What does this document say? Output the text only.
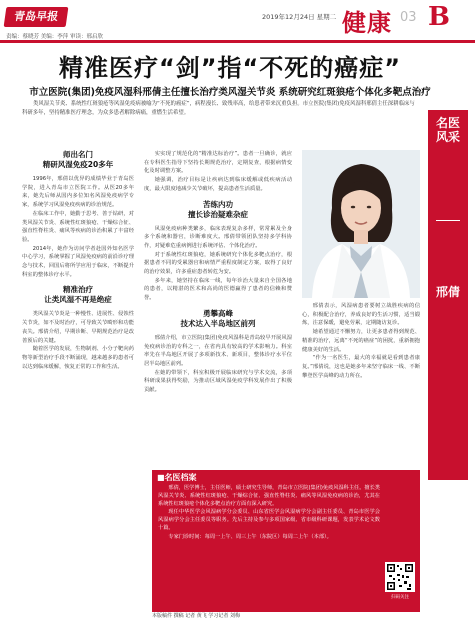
青岛早报	2019年12月24日 星期二 健康 03 B
责编：蔡晓芳 美编：李萍 审读：邢启欣
精准医疗“剑”指“不死的癌症”
市立医院(集团)免疫风湿科邢倩主任擅长治疗类风湿关节炎 系统研究红斑狼疮个体化多靶点治疗
类风湿关节炎、系统性红斑狼疮等风湿免疫病被喻为“不死的癌症”，病程漫长、致残率高，给患者带来沉重负担。市立医院(集团)免疫风湿科邢倩主任深耕临床与科研多年，坚持精准医疗理念，为众多患者解除病痛，重燃生活希望。
师出名门
精研风湿免疫20多年

1996年，邢倩以优异的成绩毕业于青岛医学院，进入青岛市立医院工作。从医20多年来，她先后师从国内多位知名风湿免疫病学专家，系统学习风湿免疫疾病的诊治规范。

在临床工作中，她勤于思考、善于钻研，对类风湿关节炎、系统性红斑狼疮、干燥综合征、强直性脊柱炎、痛风等疾病的诊治积累了丰富经验。

2014年，她作为访问学者赴国外知名医学中心学习，系统掌握了风湿免疫病的前沿诊疗理念与技术，回国后将所学应用于临床，不断提升科室的整体诊疗水平。

精准治疗
让类风湿不再是绝症

类风湿关节炎是一种慢性、进展性、侵蚀性关节炎，如不及时治疗，可导致关节畸形和功能丧失。邢倩介绍，早期诊断、早期规范治疗是改善预后的关键。

随着医学的发展，生物制剂、小分子靶向药物等新型治疗手段不断涌现，越来越多的患者可以达到临床缓解，恢复正常的工作和生活。

实实现了规范化的“精准达标治疗”。患者一旦确诊，就应在专科医生指导下坚持长期规范治疗，定期复查，根据病情变化及时调整方案。

她强调，治疗目标是让疾病达到临床缓解或低疾病活动度，最大限度地减少关节破坏，提高患者生活质量。

苦练内功
擅长诊治疑难杂症

风湿免疫病种类繁多，临床表现复杂多样，常常累及全身多个系统和器官，诊断难度大。邢倩带领团队坚持多学科协作，对疑难危重病例进行系统评估、个体化治疗。

对于系统性红斑狼疮，她系统研究个体化多靶点治疗，根据患者不同的受累器官和病情严重程度制定方案，取得了良好的治疗效果，许多重症患者转危为安。

多年来，她坚持在临床一线，每年诊治大量来自全国各地的患者，以精湛的医术和高尚的医德赢得了患者的信赖和赞誉。

勇攀高峰
技术达入半岛地区前列

邢倩介绍，市立医院(集团)免疫风湿科是青岛较早开展风湿免疫病诊治的专科之一，在省内具有较高的学术影响力。科室率先在半岛地区开展了多项新技术、新项目，整体诊疗水平位居半岛地区前列。

在她的带领下，科室积极开展临床研究与学术交流，多项科研成果获得奖励，为推动区域风湿免疫学科发展作出了积极贡献。

邢倩表示，风湿病患者要树立战胜疾病的信心，积极配合治疗，养成良好的生活习惯，适当锻炼，注意保暖，避免劳累，定期随访复诊。

她希望通过不懈努力，让更多患者得到规范、精准的治疗，远离“不死的癌症”的困扰，重新拥抱健康美好的生活。

“作为一名医生，最大的幸福就是看到患者康复。”邢倩说，这也是她多年来坚守临床一线、不断攀登医学高峰的动力所在。

■名医档案

邢倩，医学博士，主任医师，硕士研究生导师，青岛市立医院(集团)免疫风湿科主任。擅长类风湿关节炎、系统性红斑狼疮、干燥综合征、强直性脊柱炎、痛风等风湿免疫病的诊治，尤其在系统性红斑狼疮个体化多靶点治疗方面有深入研究。

现任中华医学会风湿病学分会委员、山东省医学会风湿病学分会副主任委员、青岛市医学会风湿病学分会主任委员等职务。先后主持及参与多项国家级、省市级科研课题，发表学术论文数十篇。

专家门诊时间：每周一上午、周三上午（东院区）每周二上午（本部）。

扫码关注
名医风采
邢倩
本版稿件 撰稿 记者 黄飞 学习记者 刘梅
